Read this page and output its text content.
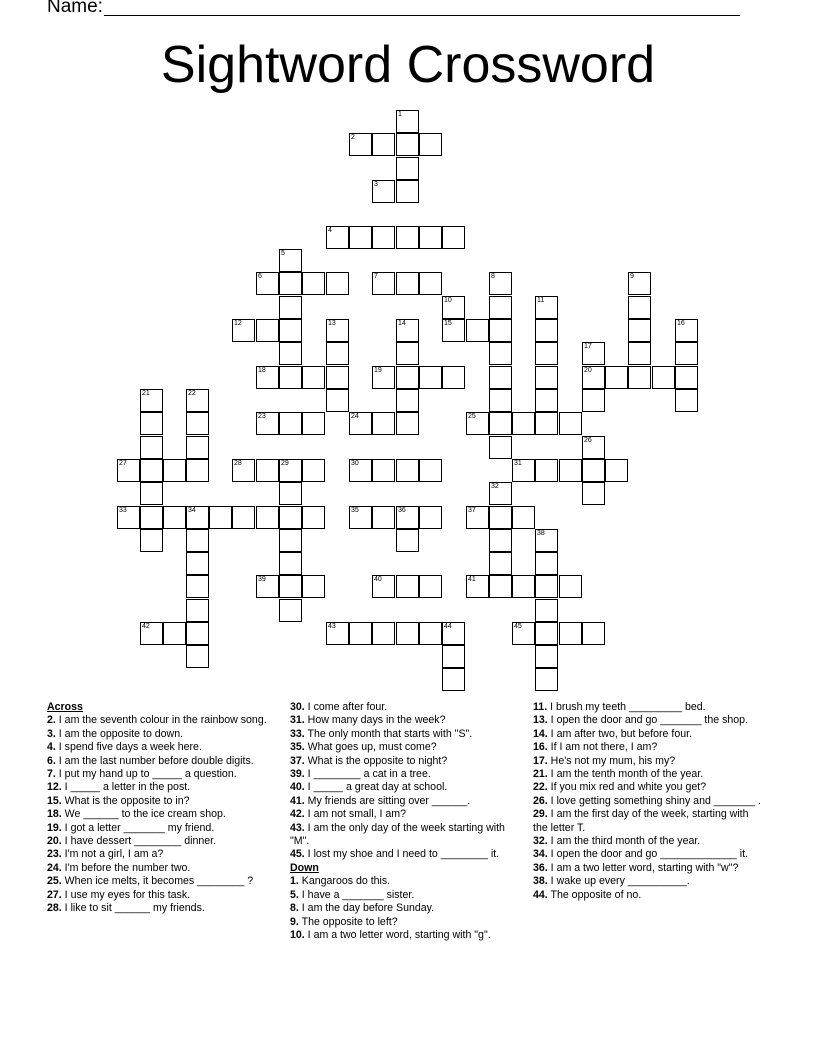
Name:
Sightword Crossword
1
2
3
4
5
6
12
18
13
23
7
10
15
14
19
24
8
25
11
17
20
9
16
26
31
21	22
27	28	29	30
33	34	35	36
32
37
38
39	40	41
42	43	44	45
Across
2. I am the seventh colour in the rainbow song.
3. I am the opposite to down.
4. I spend five days a week here.
6. I am the last number before double digits.
7. I put my hand up to _____ a question.
12. I _____ a letter in the post.
15. What is the opposite to in?
18. We ______ to the ice cream shop.
19. I got a letter _______ my friend.
20. I have dessert ________ dinner.
23. I'm not a girl, I am a?
24. I'm before the number two.
25. When ice melts, it becomes ________ ?
27. I use my eyes for this task.
28. I like to sit ______ my friends.
30. I come after four.
31. How many days in the week?
33. The only month that starts with "S".
35. What goes up, must come?
37. What is the opposite to night?
39. I ________ a cat in a tree.
40. I _____ a great day at school.
41. My friends are sitting over ______.
42. I am not small, I am?
43. I am the only day of the week starting with "M".
45. I lost my shoe and I need to ________ it.
Down
1. Kangaroos do this.
5. I have a _______ sister.
8. I am the day before Sunday.
9. The opposite to left?
10. I am a two letter word, starting with "g".
11. I brush my teeth _________ bed.
13. I open the door and go _______ the shop.
14. I am after two, but before four.
16. If I am not there, I am?
17. He's not my mum, his my?
21. I am the tenth month of the year.
22. If you mix red and white you get?
26. I love getting something shiny and _______ .
29. I am the first day of the week, starting with the letter T.
32. I am the third month of the year.
34. I open the door and go _____________ it.
36. I am a two letter word, starting with "w"?
38. I wake up every __________.
44. The opposite of no.
